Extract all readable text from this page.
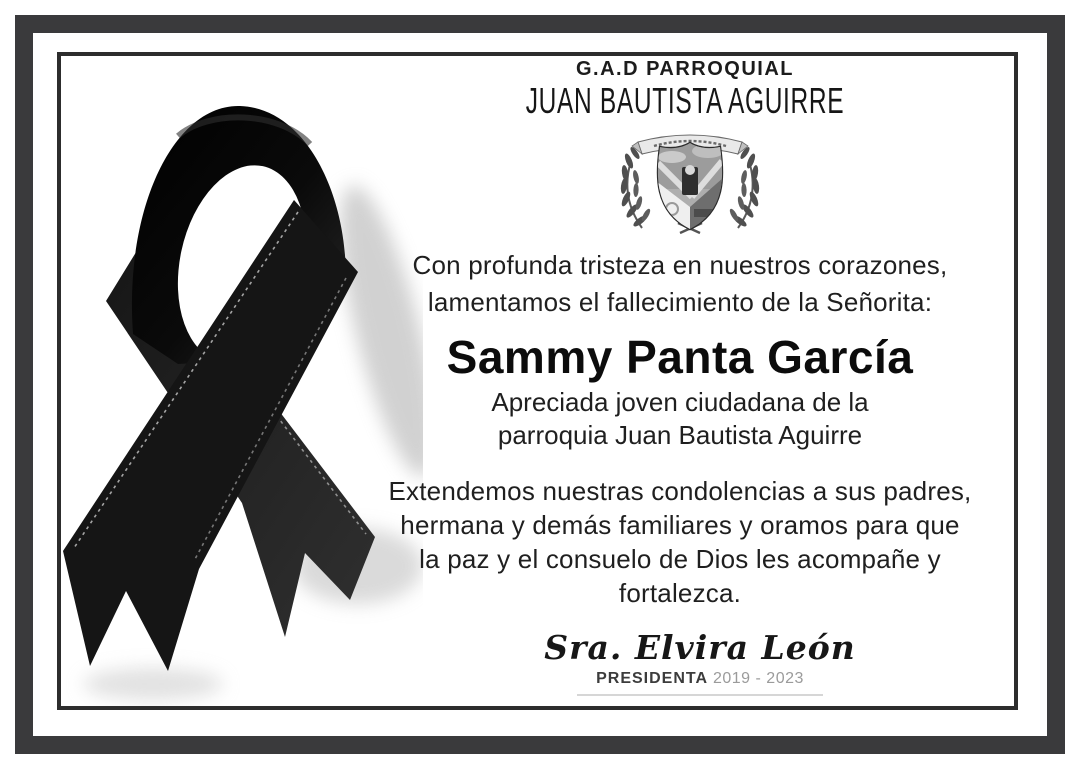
G.A.D PARROQUIAL
JUAN BAUTISTA AGUIRRE
Con profunda tristeza en nuestros corazones,
lamentamos el fallecimiento de la Señorita:
Sammy Panta García
Apreciada joven ciudadana de la
parroquia Juan Bautista Aguirre
Extendemos nuestras condolencias a sus padres,
hermana y demás familiares y oramos para que
la paz y el consuelo de Dios les acompañe y
fortalezca.
Sra. Elvira León
PRESIDENTA 2019 - 2023
